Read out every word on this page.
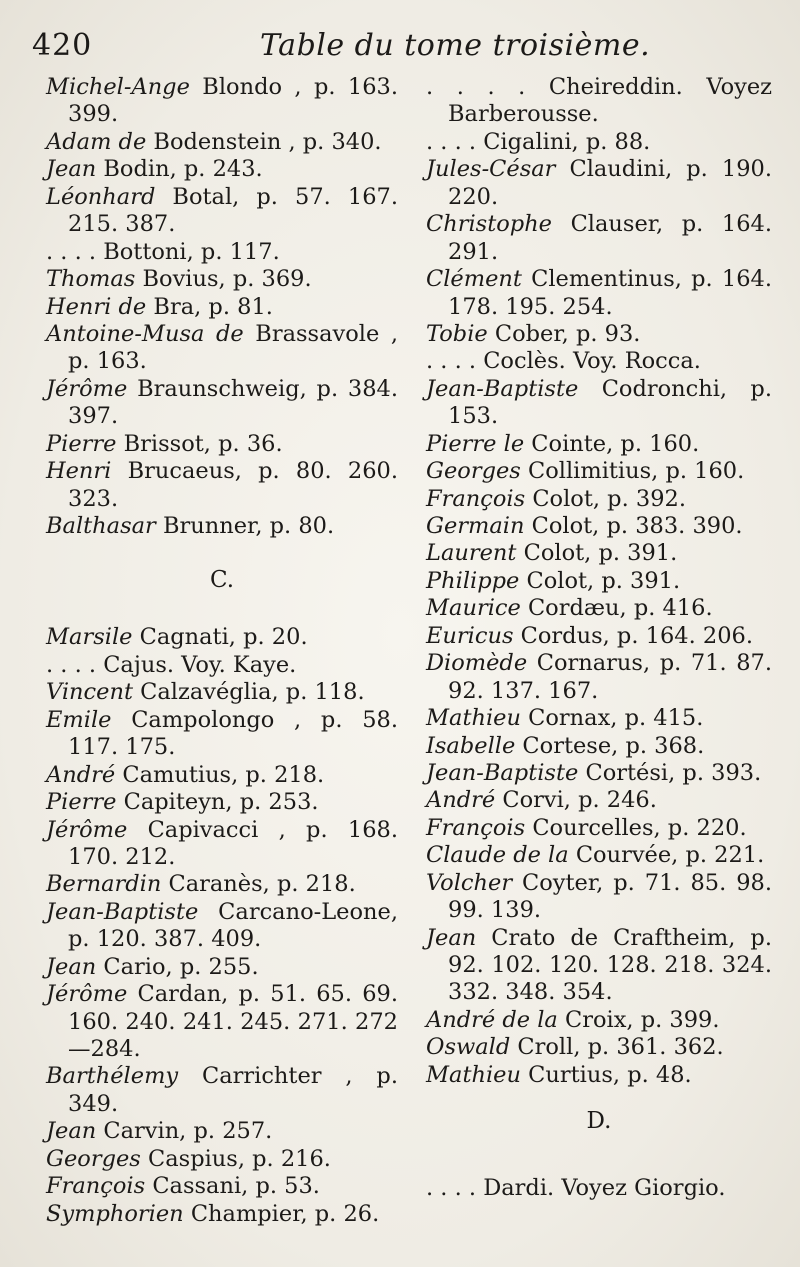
420	Table du tome troisième.
Michel-Ange Blondo , p. 163. 399.
Adam de Bodenstein , p. 340.
Jean Bodin, p. 243.
Léonhard Botal, p. 57. 167. 215. 387.
. . . . Bottoni, p. 117.
Thomas Bovius, p. 369.
Henri de Bra, p. 81.
Antoine-Musa de Brassavole , p. 163.
Jérôme Braunschweig, p. 384. 397.
Pierre Brissot, p. 36.
Henri Brucaeus, p. 80. 260. 323.
Balthasar Brunner, p. 80.
C.
Marsile Cagnati, p. 20.
. . . . Cajus. Voy. Kaye.
Vincent Calzavéglia, p. 118.
Emile Campolongo , p. 58. 117. 175.
André Camutius, p. 218.
Pierre Capiteyn, p. 253.
Jérôme Capivacci , p. 168. 170. 212.
Bernardin Caranès, p. 218.
Jean-Baptiste Carcano-Leone, p. 120. 387. 409.
Jean Cario, p. 255.
Jérôme Cardan, p. 51. 65. 69. 160. 240. 241. 245. 271. 272—284.
Barthélemy Carrichter , p. 349.
Jean Carvin, p. 257.
Georges Caspius, p. 216.
François Cassani, p. 53.
Symphorien Champier, p. 26.
. . . . Cheireddin. Voyez Barberousse.
. . . . Cigalini, p. 88.
Jules-César Claudini, p. 190. 220.
Christophe Clauser, p. 164. 291.
Clément Clementinus, p. 164. 178. 195. 254.
Tobie Cober, p. 93.
. . . . Coclès. Voy. Rocca.
Jean-Baptiste Codronchi, p. 153.
Pierre le Cointe, p. 160.
Georges Collimitius, p. 160.
François Colot, p. 392.
Germain Colot, p. 383. 390.
Laurent Colot, p. 391.
Philippe Colot, p. 391.
Maurice Cordæu, p. 416.
Euricus Cordus, p. 164. 206.
Diomède Cornarus, p. 71. 87. 92. 137. 167.
Mathieu Cornax, p. 415.
Isabelle Cortese, p. 368.
Jean-Baptiste Cortési, p. 393.
André Corvi, p. 246.
François Courcelles, p. 220.
Claude de la Courvée, p. 221.
Volcher Coyter, p. 71. 85. 98. 99. 139.
Jean Crato de Craftheim, p. 92. 102. 120. 128. 218. 324. 332. 348. 354.
André de la Croix, p. 399.
Oswald Croll, p. 361. 362.
Mathieu Curtius, p. 48.
D.
. . . . Dardi. Voyez Giorgio.
